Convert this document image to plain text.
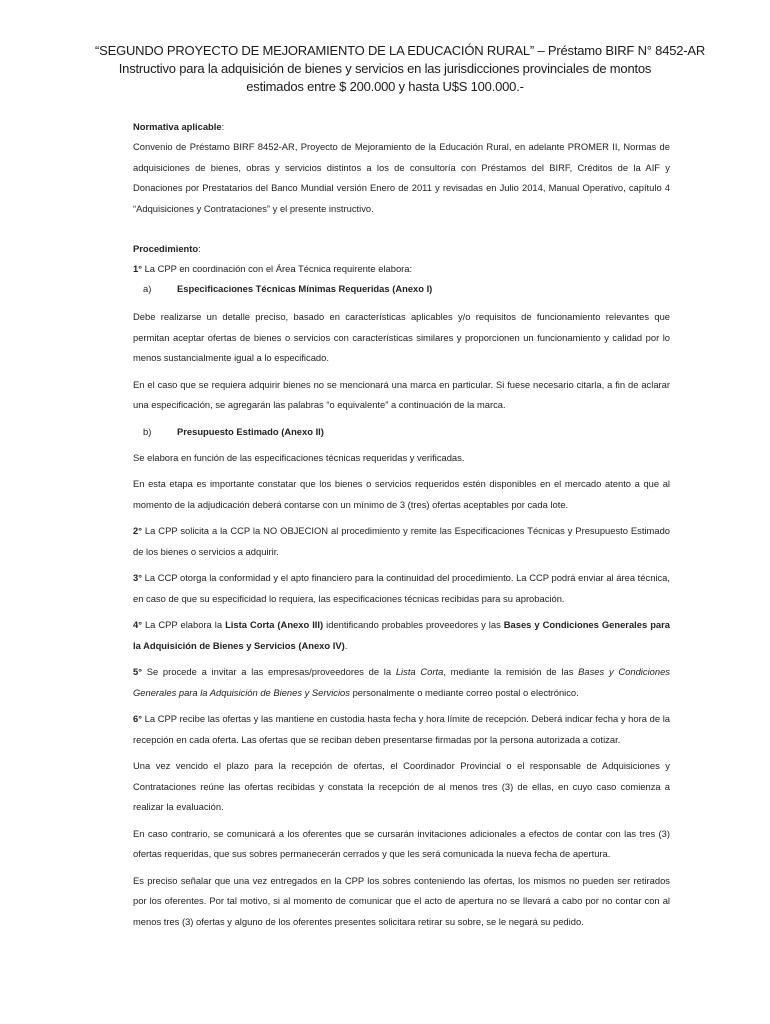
“SEGUNDO PROYECTO DE MEJORAMIENTO DE LA EDUCACIÓN RURAL” – Préstamo BIRF N° 8452-AR
Instructivo para la adquisición de bienes y servicios en las jurisdicciones provinciales de montos
estimados entre $ 200.000 y hasta U$S 100.000.-

Normativa aplicable:

Convenio de Préstamo BIRF 8452-AR, Proyecto de Mejoramiento de la Educación Rural, en adelante PROMER II, Normas de adquisiciones de bienes, obras y servicios distintos a los de consultoría con Préstamos del BIRF, Créditos de la AIF y Donaciones por Prestatarios del Banco Mundial versión Enero de 2011 y revisadas en Julio 2014, Manual Operativo, capítulo 4 “Adquisiciones y Contrataciones” y el presente instructivo.

Procedimiento:

1° La CPP en coordinación con el Área Técnica requirente elabora:

a)	Especificaciones Técnicas Mínimas Requeridas (Anexo I)

Debe realizarse un detalle preciso, basado en características aplicables y/o requisitos de funcionamiento relevantes que permitan aceptar ofertas de bienes o servicios con características similares y proporcionen un funcionamiento y calidad por lo menos sustancialmente igual a lo especificado.

En el caso que se requiera adquirir bienes no se mencionará una marca en particular. Si fuese necesario citarla, a fin de aclarar una especificación, se agregarán las palabras “o equivalente” a continuación de la marca.

b)	Presupuesto Estimado (Anexo II)

Se elabora en función de las especificaciones técnicas requeridas y verificadas.

En esta etapa es importante constatar que los bienes o servicios requeridos estén disponibles en el mercado atento a que al momento de la adjudicación deberá contarse con un mínimo de 3 (tres) ofertas aceptables por cada lote.

2° La CPP solicita a la CCP la NO OBJECION al procedimiento y remite las Especificaciones Técnicas y Presupuesto Estimado de los bienes o servicios a adquirir.

3° La CCP otorga la conformidad y el apto financiero para la continuidad del procedimiento. La CCP podrá enviar al área técnica, en caso de que su especificidad lo requiera, las especificaciones técnicas recibidas para su aprobación.

4° La CPP elabora la Lista Corta (Anexo III) identificando probables proveedores y las Bases y Condiciones Generales para la Adquisición de Bienes y Servicios (Anexo IV).

5° Se procede a invitar a las empresas/proveedores de la Lista Corta, mediante la remisión de las Bases y Condiciones Generales para la Adquisición de Bienes y Servicios personalmente o mediante correo postal o electrónico.

6° La CPP recibe las ofertas y las mantiene en custodia hasta fecha y hora límite de recepción. Deberá indicar fecha y hora de la recepción en cada oferta. Las ofertas que se reciban deben presentarse firmadas por la persona autorizada a cotizar.

Una vez vencido el plazo para la recepción de ofertas, el Coordinador Provincial o el responsable de Adquisiciones y Contrataciones reúne las ofertas recibidas y constata la recepción de al menos tres (3) de ellas, en cuyo caso comienza a realizar la evaluación.

En caso contrario, se comunicará a los oferentes que se cursarán invitaciones adicionales a efectos de contar con las tres (3) ofertas requeridas, que sus sobres permanecerán cerrados y que les será comunicada la nueva fecha de apertura.

Es preciso señalar que una vez entregados en la CPP los sobres conteniendo las ofertas, los mismos no pueden ser retirados por los oferentes. Por tal motivo, si al momento de comunicar que el acto de apertura no se llevará a cabo por no contar con al menos tres (3) ofertas y alguno de los oferentes presentes solicitara retirar su sobre, se le negará su pedido.
